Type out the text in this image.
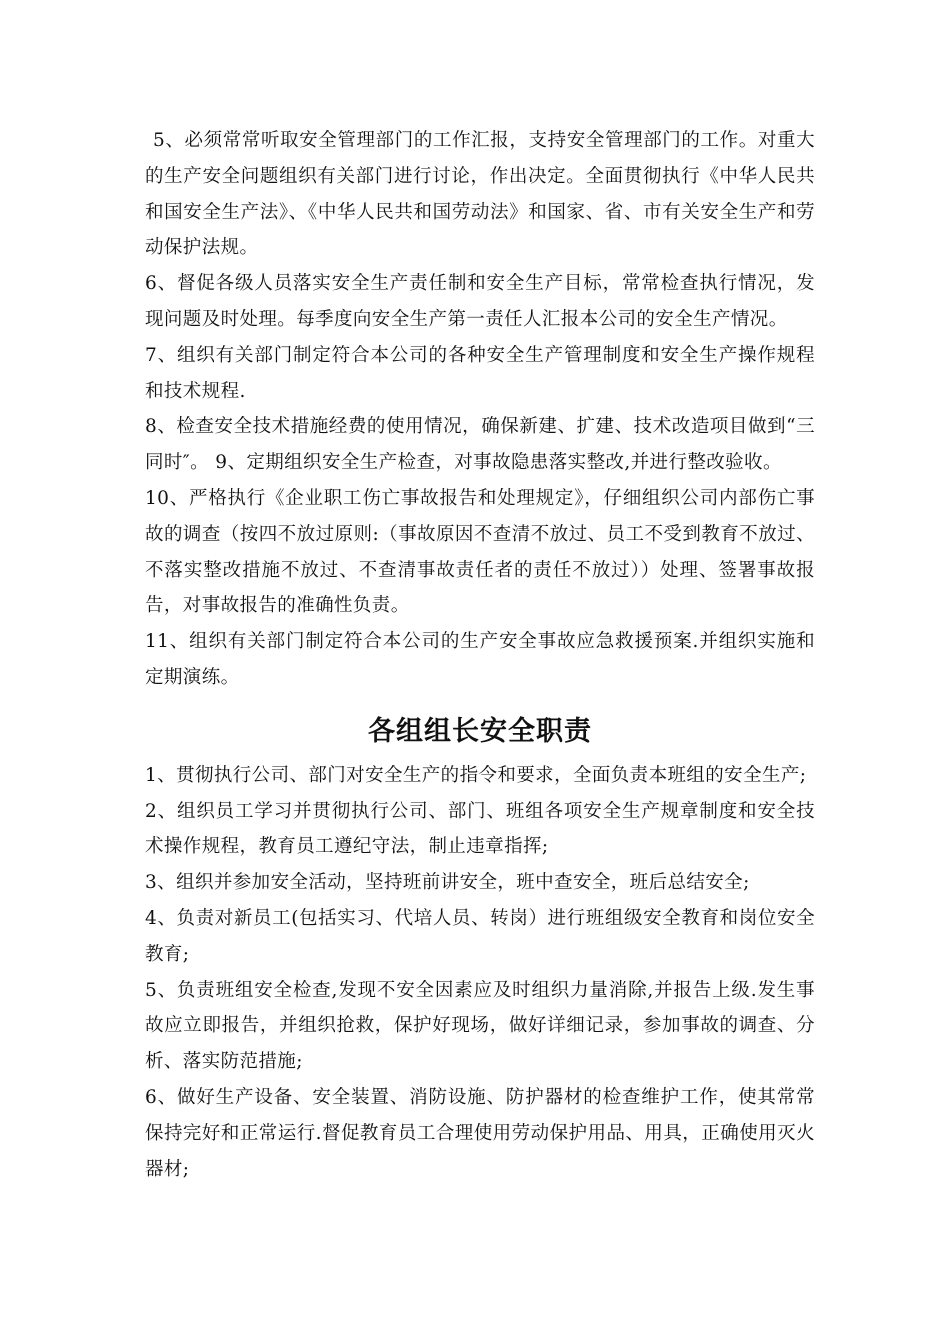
5、必须常常听取安全管理部门的工作汇报，支持安全管理部门的工作。对重大的生产安全问题组织有关部门进行讨论，作出决定。全面贯彻执行《中华人民共和国安全生产法》、《中华人民共和国劳动法》和国家、省、市有关安全生产和劳动保护法规。

6、督促各级人员落实安全生产责任制和安全生产目标，常常检查执行情况，发现问题及时处理。每季度向安全生产第一责任人汇报本公司的安全生产情况。

7、组织有关部门制定符合本公司的各种安全生产管理制度和安全生产操作规程和技术规程.

8、检查安全技术措施经费的使用情况，确保新建、扩建、技术改造项目做到“三同时″。 9、定期组织安全生产检查，对事故隐患落实整改,并进行整改验收。

10、严格执行《企业职工伤亡事故报告和处理规定》，仔细组织公司内部伤亡事故的调查（按四不放过原则:（事故原因不查清不放过、员工不受到教育不放过、不落实整改措施不放过、不查清事故责任者的责任不放过））处理、签署事故报告，对事故报告的准确性负责。

11、组织有关部门制定符合本公司的生产安全事故应急救援预案.并组织实施和定期演练。

各组组长安全职责

1、贯彻执行公司、部门对安全生产的指令和要求，全面负责本班组的安全生产;

2、组织员工学习并贯彻执行公司、部门、班组各项安全生产规章制度和安全技术操作规程，教育员工遵纪守法，制止违章指挥;

3、组织并参加安全活动，坚持班前讲安全，班中查安全，班后总结安全;

4、负责对新员工(包括实习、代培人员、转岗）进行班组级安全教育和岗位安全教育;

5、负责班组安全检查,发现不安全因素应及时组织力量消除,并报告上级.发生事故应立即报告，并组织抢救，保护好现场，做好详细记录，参加事故的调查、分析、落实防范措施;

6、做好生产设备、安全装置、消防设施、防护器材的检查维护工作，使其常常保持完好和正常运行.督促教育员工合理使用劳动保护用品、用具，正确使用灭火器材;
